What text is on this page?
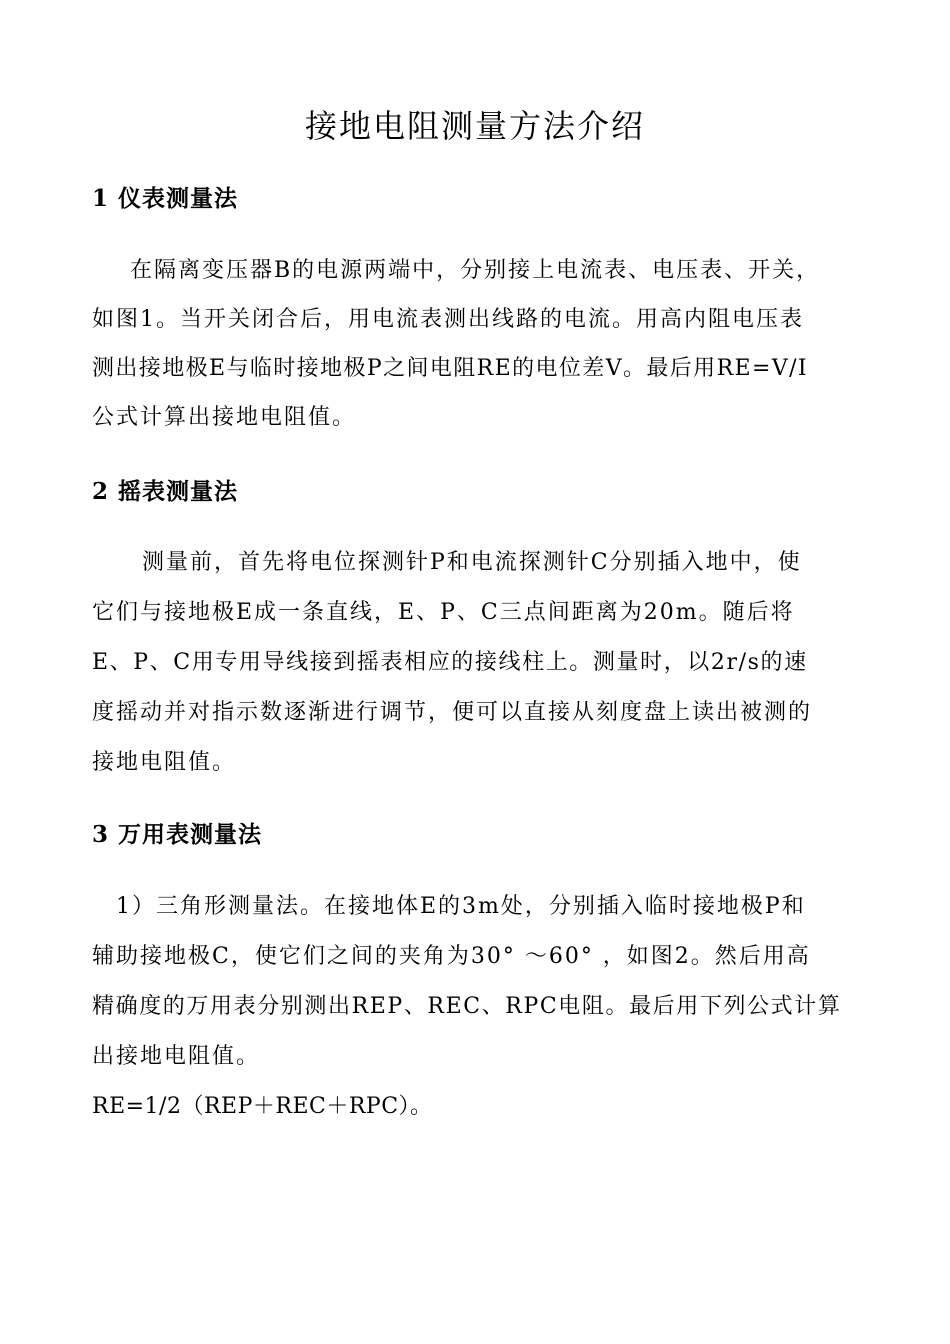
接地电阻测量方法介绍
1 仪表测量法
在隔离变压器B的电源两端中，分别接上电流表、电压表、开关，
如图1。当开关闭合后，用电流表测出线路的电流。用高内阻电压表
测出接地极E与临时接地极P之间电阻RE的电位差V。最后用RE=V/I
公式计算出接地电阻值。
2 摇表测量法
测量前，首先将电位探测针P和电流探测针C分别插入地中，使
它们与接地极E成一条直线，E、P、C三点间距离为20m。随后将
E、P、C用专用导线接到摇表相应的接线柱上。测量时，以2r/s的速
度摇动并对指示数逐渐进行调节，便可以直接从刻度盘上读出被测的
接地电阻值。
3 万用表测量法
1）三角形测量法。在接地体E的3m处，分别插入临时接地极P和
辅助接地极C，使它们之间的夹角为30° ～60° ，如图2。然后用高
精确度的万用表分别测出REP、REC、RPC电阻。最后用下列公式计算
出接地电阻值。
RE=1/2（REP＋REC＋RPC）。
